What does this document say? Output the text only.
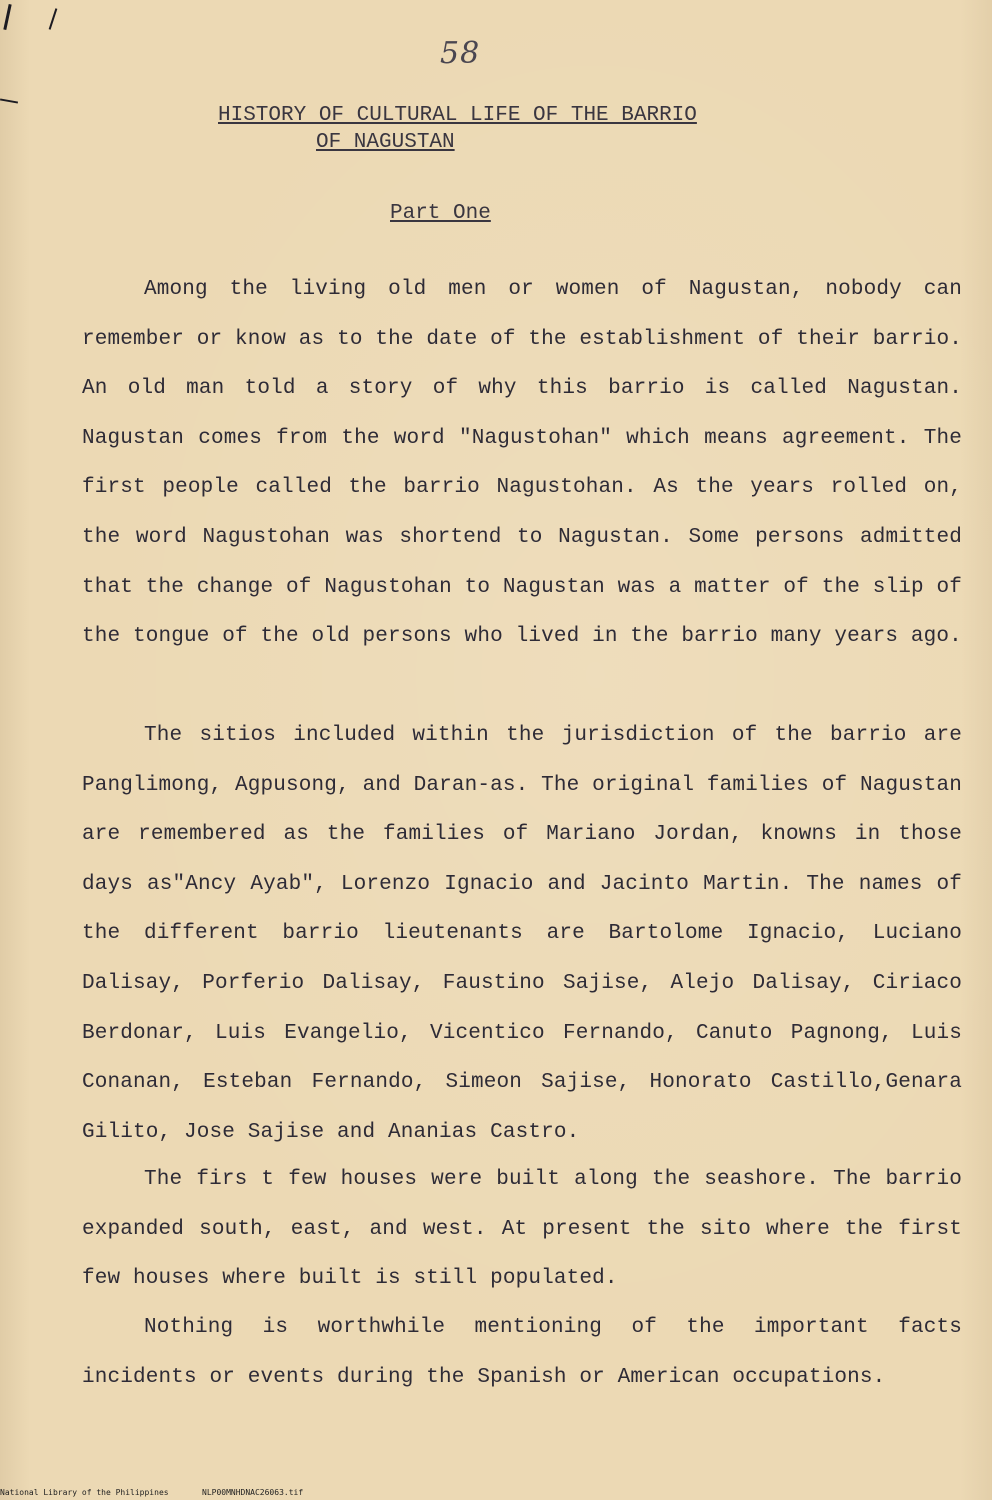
58
HISTORY OF CULTURAL LIFE OF THE BARRIO
OF NAGUSTAN
Part One

Among the living old men or women of Nagustan, nobody can remember or know as to the date of the establishment of their barrio. An old man told a story of why this barrio is called Nagustan. Nagustan comes from the word "Nagustohan" which means agreement. The first people called the barrio Nagustohan. As the years rolled on, the word Nagustohan was shortend to Nagustan. Some persons admitted that the change of Nagustohan to Nagustan was a matter of the slip of the tongue of the old persons who lived in the barrio many years ago.

The sitios included within the jurisdiction of the barrio are Panglimong, Agpusong, and Daran-as. The original families of Nagustan are remembered as the families of Mariano Jordan, knowns in those days as"Ancy Ayab", Lorenzo Ignacio and Jacinto Martin. The names of the different barrio lieutenants are Bartolome Ignacio, Luciano Dalisay, Porferio Dalisay, Faustino Sajise, Alejo Dalisay, Ciriaco Berdonar, Luis Evangelio, Vicentico Fernando, Canuto Pagnong, Luis Conanan, Esteban Fernando, Simeon Sajise, Honorato Castillo,Genara Gilito, Jose Sajise and Ananias Castro.

The firs t few houses were built along the seashore. The barrio expanded south, east, and west. At present the sito where the first few houses where built is still populated.

Nothing is worthwhile mentioning of the important facts incidents or events during the Spanish or American occupations.

National Library of the Philippines	NLP00MNHDNAC26063.tif
